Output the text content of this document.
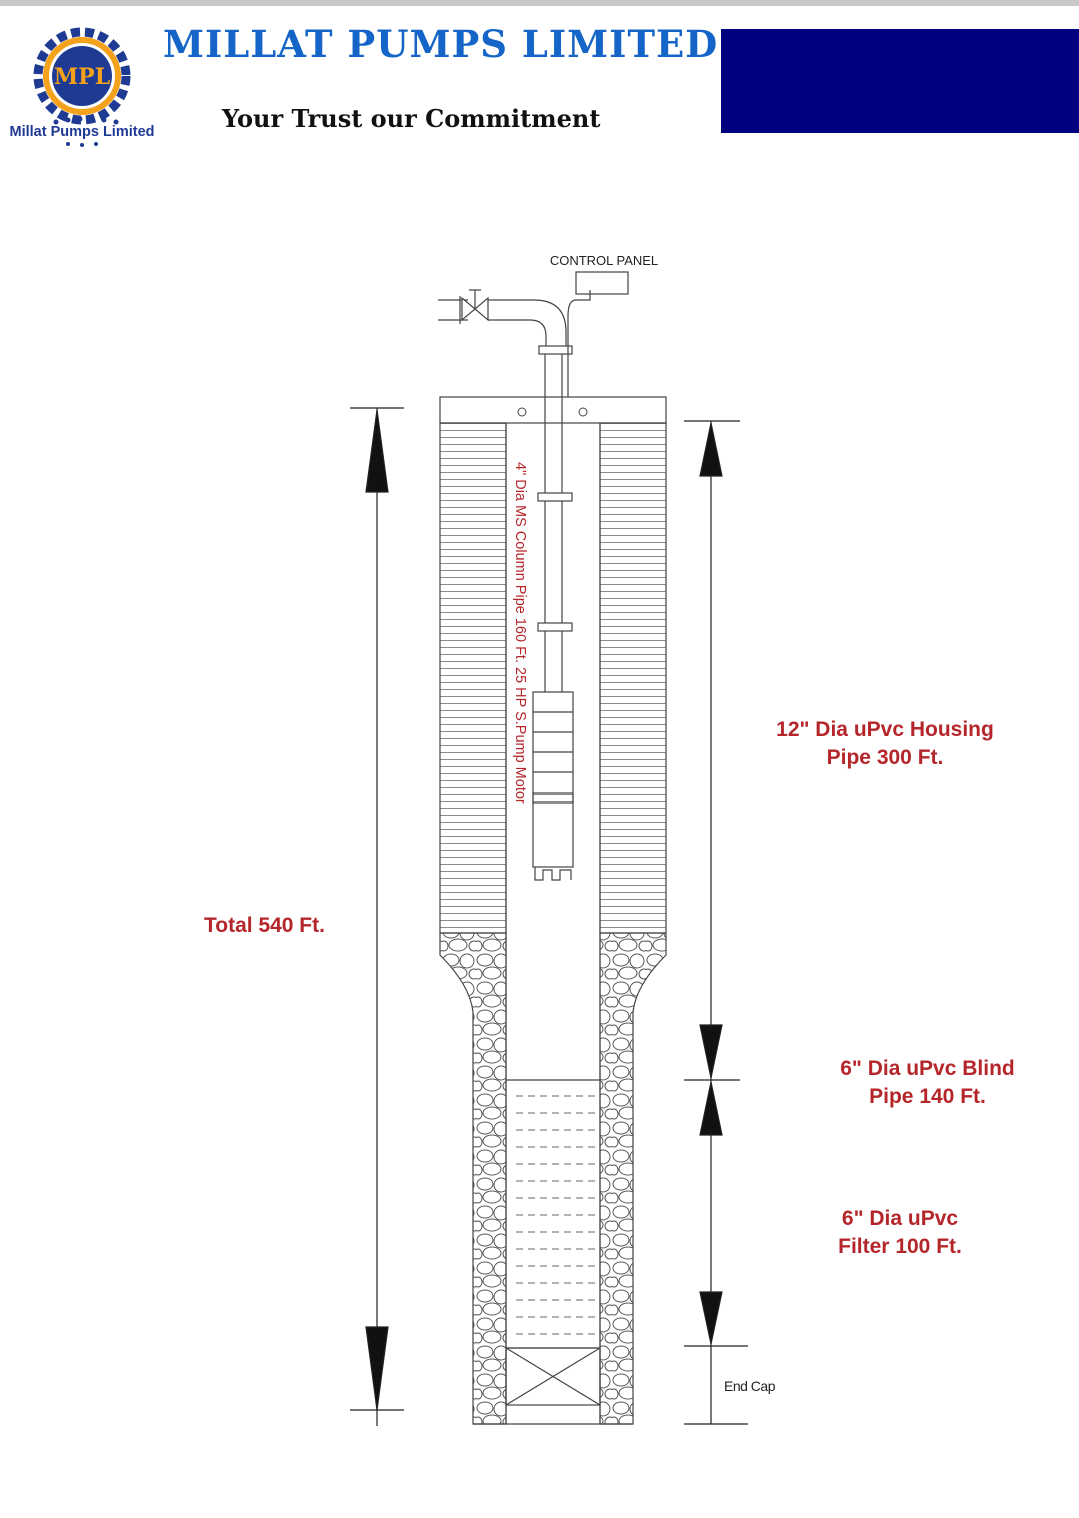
MPL
Millat Pumps Limited
MILLAT PUMPS LIMITED
Your Trust our Commitment
CONTROL PANEL
4" Dia MS Column Pipe 160 Ft. 25 HP S.Pump Motor
Total 540 Ft.
12" Dia uPvc Housing
Pipe 300 Ft.
6" Dia uPvc Blind
Pipe 140 Ft.
6" Dia uPvc
Filter 100 Ft.
End Cap
